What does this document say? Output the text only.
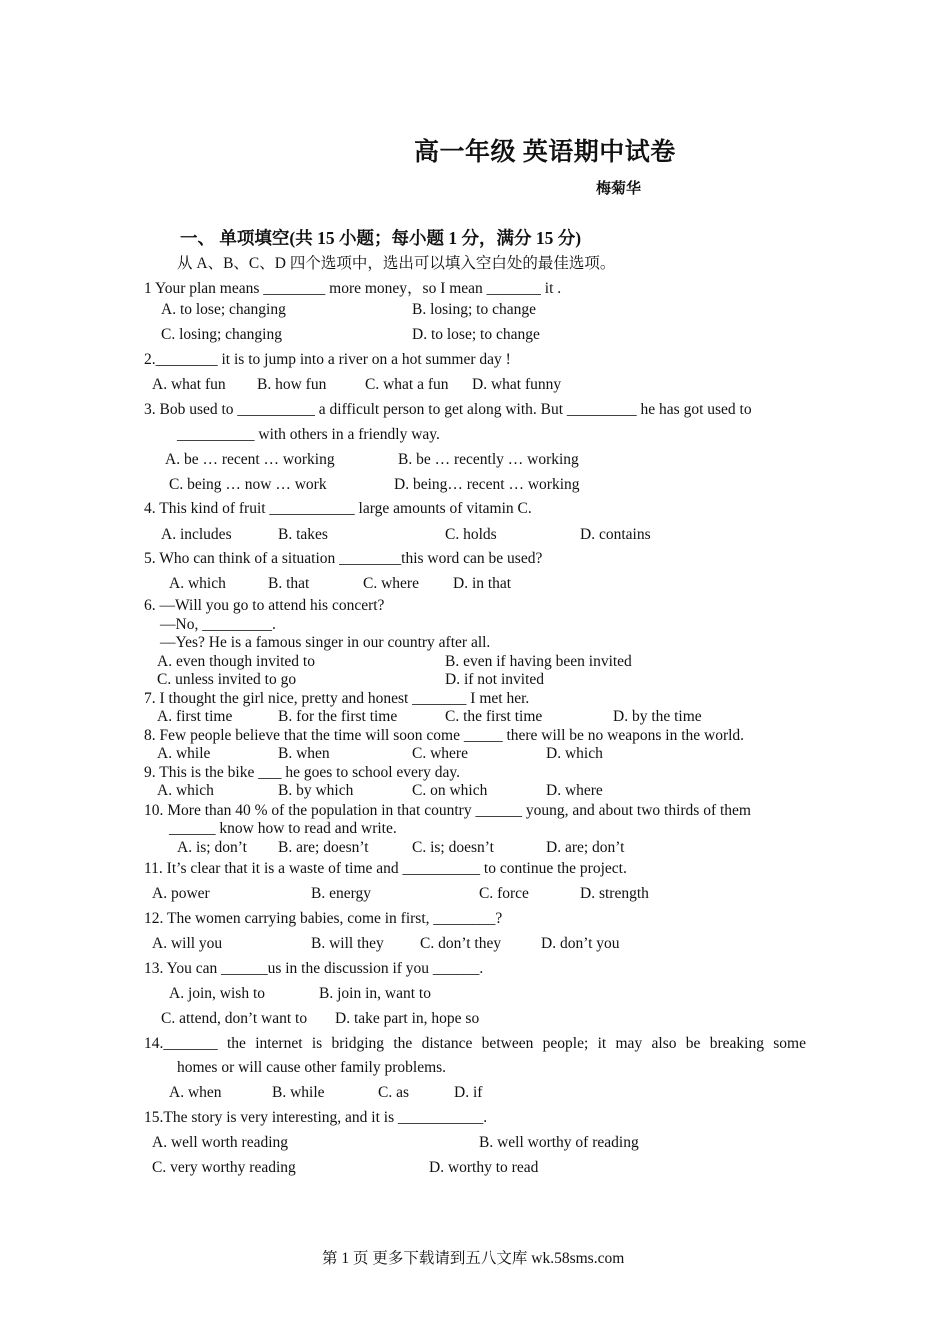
高一年级 英语期中试卷
梅菊华
一、 单项填空(共 15 小题；每小题 1 分，满分 15 分)
从 A、B、C、D 四个选项中，选出可以填入空白处的最佳选项。
1 Your plan means ________ more money，so I mean _______ it .
A. to lose; changing	B. losing; to change
C. losing; changing	D. to lose; to change
2.________ it is to jump into a river on a hot summer day !
A. what fun B. how fun C. what a fun D. what funny
3. Bob used to __________ a difficult person to get along with. But _________ he has got used to
__________ with others in a friendly way.
A. be … recent … working	B. be … recently … working
C. being … now … work	D. being… recent … working
4. This kind of fruit ___________ large amounts of vitamin C.
A. includes	B. takes	C. holds	D. contains
5. Who can think of a situation ________this word can be used?
A. which	B. that	C. where D. in that
6. —Will you go to attend his concert?
—No, _________.
—Yes? He is a famous singer in our country after all.
A. even though invited to	B. even if having been invited
C. unless invited to go	D. if not invited
7. I thought the girl nice, pretty and honest _______ I met her.
A. first time	B. for the first time	C. the first time	D. by the time
8. Few people believe that the time will soon come _____ there will be no weapons in the world.
A. while	B. when	C. where	D. which
9. This is the bike ___ he goes to school every day.
A. which	B. by which	C. on which	D. where
10. More than 40 % of the population in that country ______ young, and about two thirds of them
______ know how to read and write.
A. is; don’t B. are; doesn’t	C. is; doesn’t	D. are; don’t
11. It’s clear that it is a waste of time and __________ to continue the project.
A. power	B. energy	C. force	D. strength
12. The women carrying babies, come in first, ________?
A. will you	B. will they C. don’t they	D. don’t you
13. You can ______us in the discussion if you ______.
A. join, wish to	B. join in, want to
C. attend, don’t want to D. take part in, hope so
14._______ the internet is bridging the distance between people; it may also be breaking some
homes or will cause other family problems.
A. when	B. while	C. as	D. if
15.The story is very interesting, and it is ___________.
A. well worth reading	B. well worthy of reading
C. very worthy reading	D. worthy to read
第 1 页 更多下载请到五八文库 wk.58sms.com
